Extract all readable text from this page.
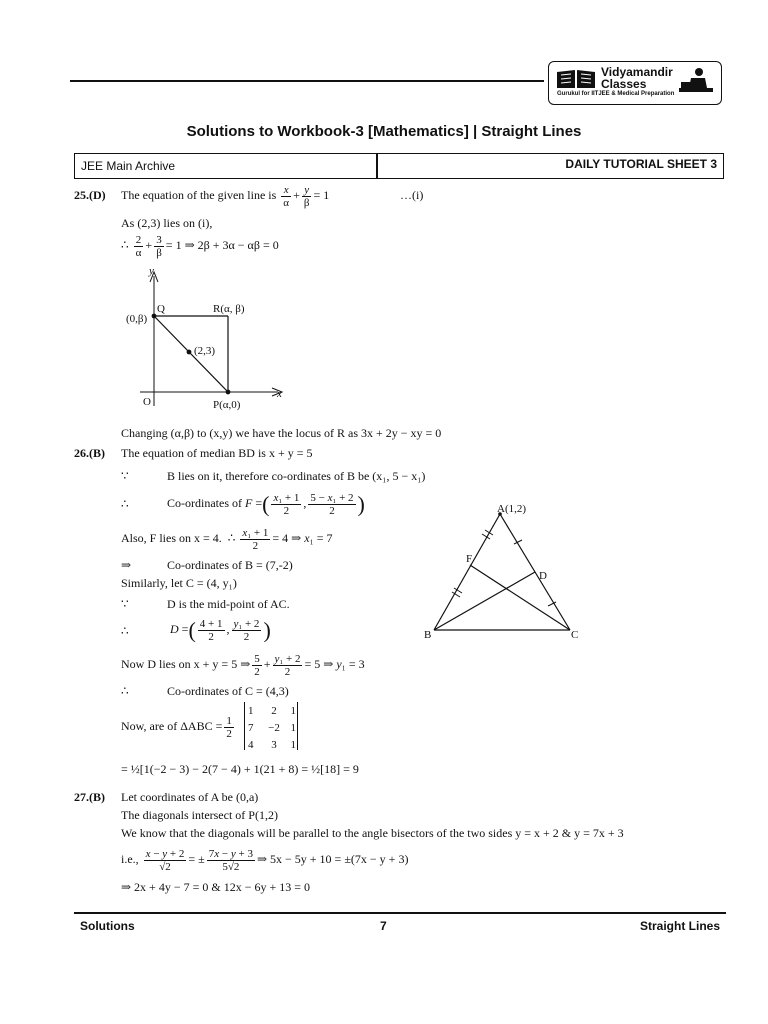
Vidyamandir
Classes
Gurukul for IITJEE & Medical Preparation
Solutions to Workbook-3 [Mathematics] | Straight Lines
JEE Main Archive	DAILY TUTORIAL SHEET 3
25.(D) The equation of the given line is $\frac{x}{\alpha} + \frac{y}{\beta} = 1$	…(i)
As (2,3) lies on (i),
∴ $\frac{2}{\alpha} + \frac{3}{\beta} = 1$ ⇒ 2β + 3α − αβ = 0
y
x
O
Q	R(α, β)
(0,β)
(2,3)
P(α,0)
Changing (α,β) to (x,y) we have the locus of R as 3x + 2y − xy = 0
26.(B) The equation of median BD is x + y = 5
∵	B lies on it, therefore co-ordinates of B be (x₁, 5 − x₁)
∴	Co-ordinates of F =( $\frac{\text{x₁ + 1}}{2}$ , $\frac{\text{5 − x₁ + 2}}{2}$ )
Also, F lies on x = 4.  ∴ $\frac{\text{x₁ + 1}}{2} = 4$ ⇒ x₁ = 7
⇒	Co-ordinates of B = (7,-2)
Similarly, let C = (4, y₁)
∵	D is the mid-point of AC.
∴	D =( $\frac{4 + 1}{2}$ , $\frac{\text{y₁ + 2}}{2}$ )
Now D lies on x + y = 5 ⇒ $\frac{5}{2} + \frac{\text{y₁ + 2}}{2} = 5$ ⇒ y₁ = 3
∴	Co-ordinates of C = (4,3)
Now, are of $\Delta ABC = \frac{1}{2}$
1	2	1
7	−2	1
4	3	1
= ½[1(−2 − 3) − 2(7 − 4) + 1(21 + 8) = ½[18] = 9
A(1,2)
F
D
B	C
27.(B) Let coordinates of A be (0,a)
The diagonals intersect of P(1,2)
We know that the diagonals will be parallel to the angle bisectors of the two sides y = x + 2 & y = 7x + 3
i.e., $\frac{x - y + 2}{√2}$ = ± $\frac{7x - y + 3}{5√2}$ ⇒ 5x − 5y + 10 = ±(7x − y + 3)
⇒ 2x + 4y − 7 = 0 & 12x − 6y + 13 = 0
Solutions	7	Straight Lines
